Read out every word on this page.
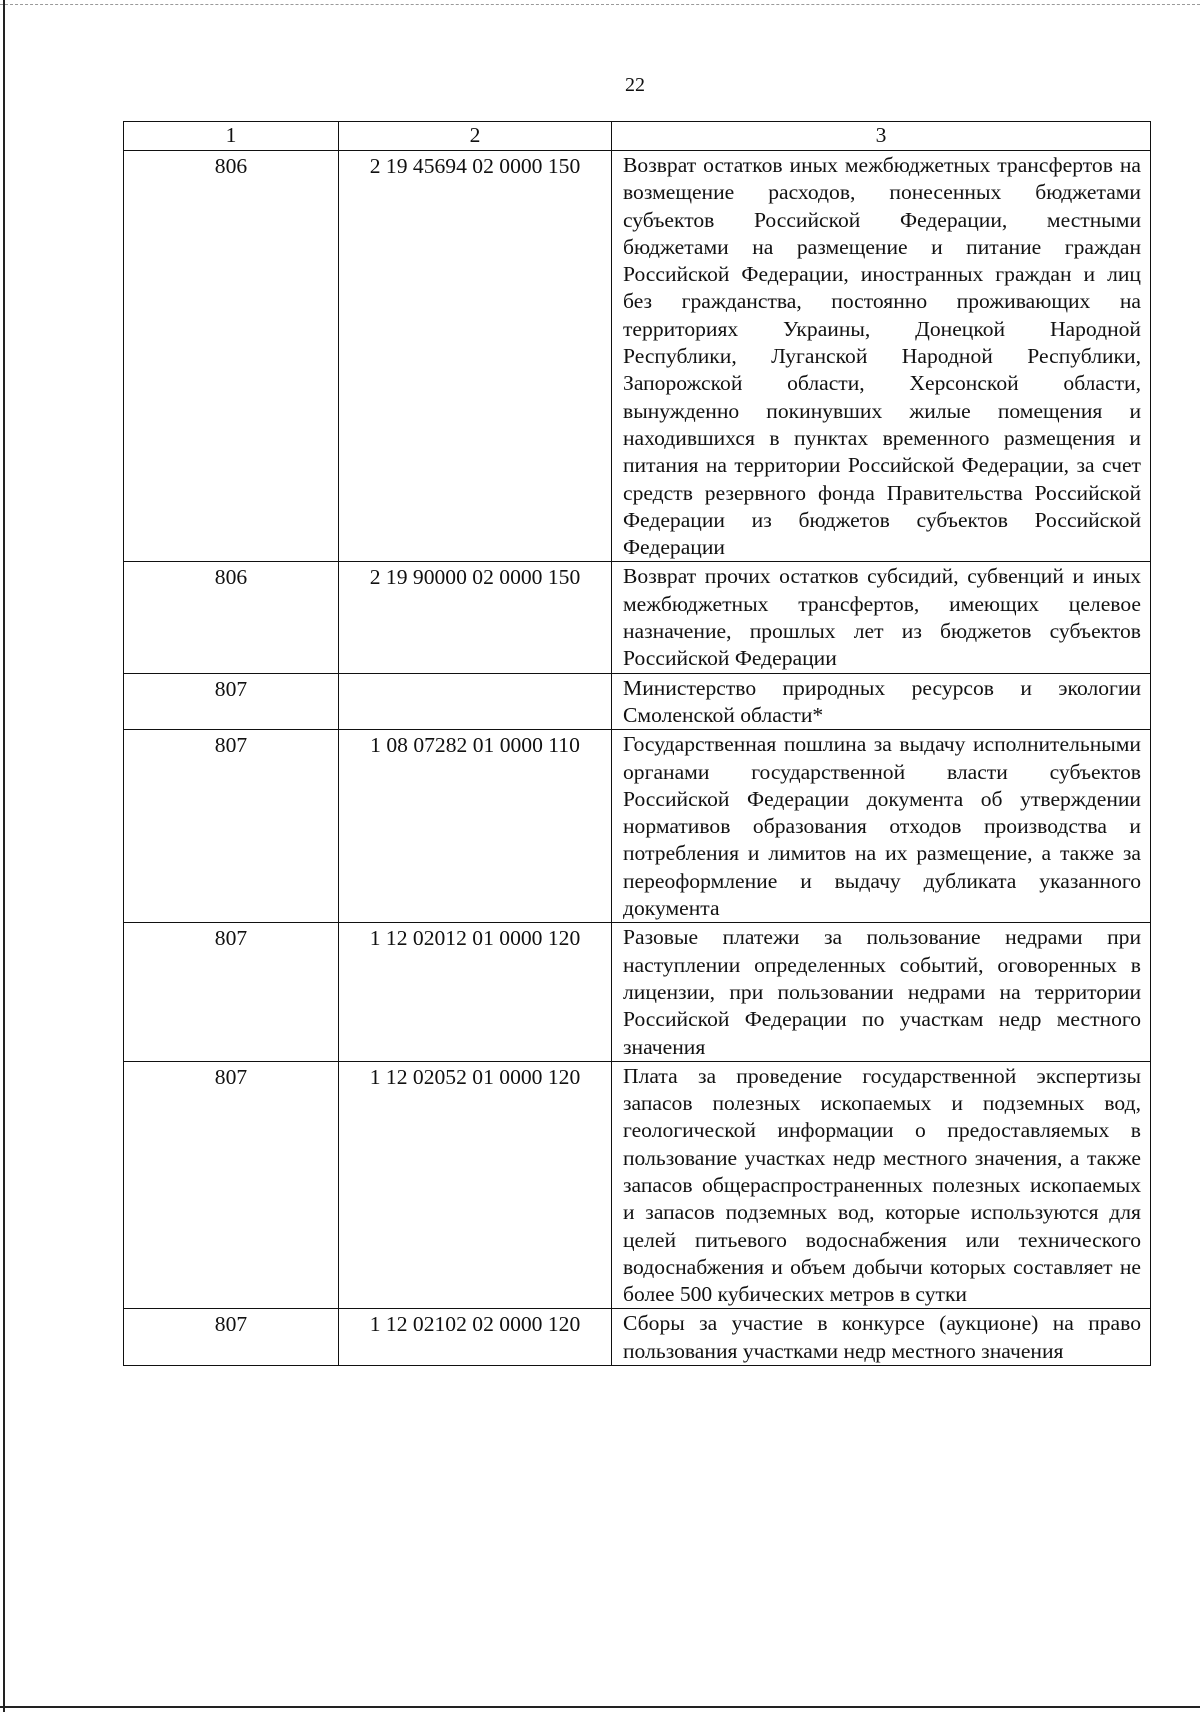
22
1	2	3
806	2 19 45694 02 0000 150	Возврат остатков иных межбюджетных трансфертов на возмещение расходов, понесенных бюджетами субъектов Российской Федерации, местными бюджетами на размещение и питание граждан Российской Федерации, иностранных граждан и лиц без гражданства, постоянно проживающих на территориях Украины, Донецкой Народной Республики, Луганской Народной Республики, Запорожской области, Херсонской области, вынужденно покинувших жилые помещения и находившихся в пунктах временного размещения и питания на территории Российской Федерации, за счет средств резервного фонда Правительства Российской Федерации из бюджетов субъектов Российской Федерации
806	2 19 90000 02 0000 150	Возврат прочих остатков субсидий, субвенций и иных межбюджетных трансфертов, имеющих целевое назначение, прошлых лет из бюджетов субъектов Российской Федерации
807		Министерство природных ресурсов и экологии Смоленской области*
807	1 08 07282 01 0000 110	Государственная пошлина за выдачу исполнительными органами государственной власти субъектов Российской Федерации документа об утверждении нормативов образования отходов производства и потребления и лимитов на их размещение, а также за переоформление и выдачу дубликата указанного документа
807	1 12 02012 01 0000 120	Разовые платежи за пользование недрами при наступлении определенных событий, оговоренных в лицензии, при пользовании недрами на территории Российской Федерации по участкам недр местного значения
807	1 12 02052 01 0000 120	Плата за проведение государственной экспертизы запасов полезных ископаемых и подземных вод, геологической информации о предоставляемых в пользование участках недр местного значения, а также запасов общераспространенных полезных ископаемых и запасов подземных вод, которые используются для целей питьевого водоснабжения или технического водоснабжения и объем добычи которых составляет не более 500 кубических метров в сутки
807	1 12 02102 02 0000 120	Сборы за участие в конкурсе (аукционе) на право пользования участками недр местного значения
